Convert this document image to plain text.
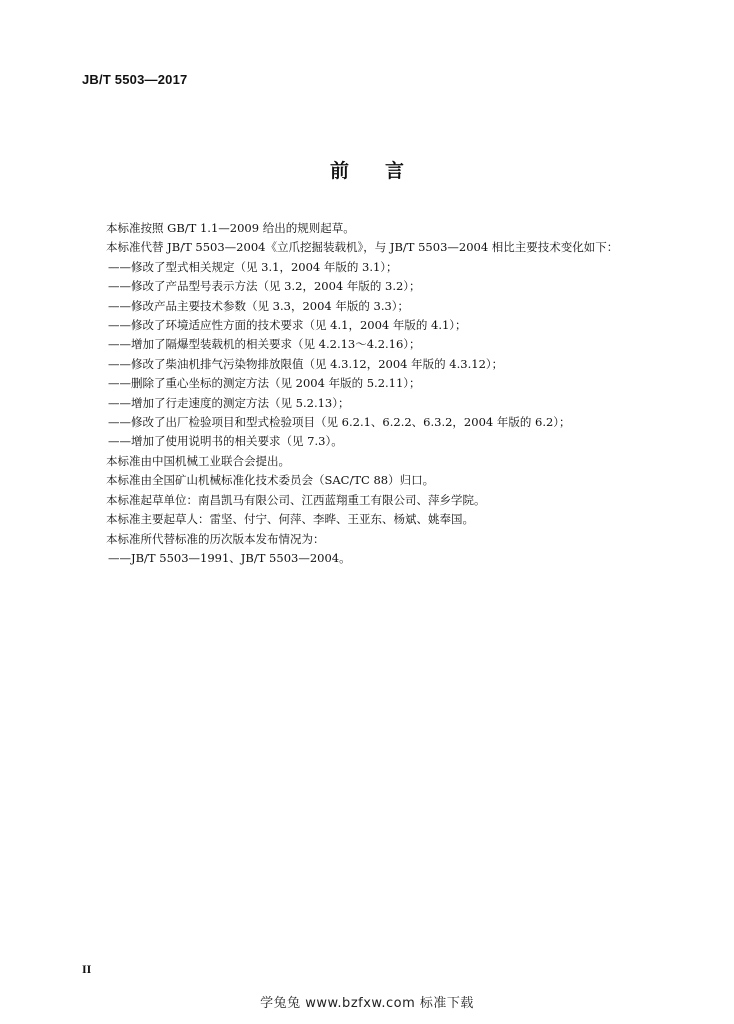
JB/T 5503—2017
前言
本标准按照 GB/T 1.1—2009 给出的规则起草。
本标准代替 JB/T 5503—2004《立爪挖掘装载机》，与 JB/T 5503—2004 相比主要技术变化如下：
——修改了型式相关规定（见 3.1，2004 年版的 3.1）；
——修改了产品型号表示方法（见 3.2，2004 年版的 3.2）；
——修改产品主要技术参数（见 3.3，2004 年版的 3.3）；
——修改了环境适应性方面的技术要求（见 4.1，2004 年版的 4.1）；
——增加了隔爆型装载机的相关要求（见 4.2.13～4.2.16）；
——修改了柴油机排气污染物排放限值（见 4.3.12，2004 年版的 4.3.12）；
——删除了重心坐标的测定方法（见 2004 年版的 5.2.11）；
——增加了行走速度的测定方法（见 5.2.13）；
——修改了出厂检验项目和型式检验项目（见 6.2.1、6.2.2、6.3.2，2004 年版的 6.2）；
——增加了使用说明书的相关要求（见 7.3）。
本标准由中国机械工业联合会提出。
本标准由全国矿山机械标准化技术委员会（SAC/TC 88）归口。
本标准起草单位：南昌凯马有限公司、江西蓝翔重工有限公司、萍乡学院。
本标准主要起草人：雷坚、付宁、何萍、李晔、王亚东、杨斌、姚奉国。
本标准所代替标准的历次版本发布情况为：
——JB/T 5503—1991、JB/T 5503—2004。
II
学兔兔 www.bzfxw.com 标准下载
